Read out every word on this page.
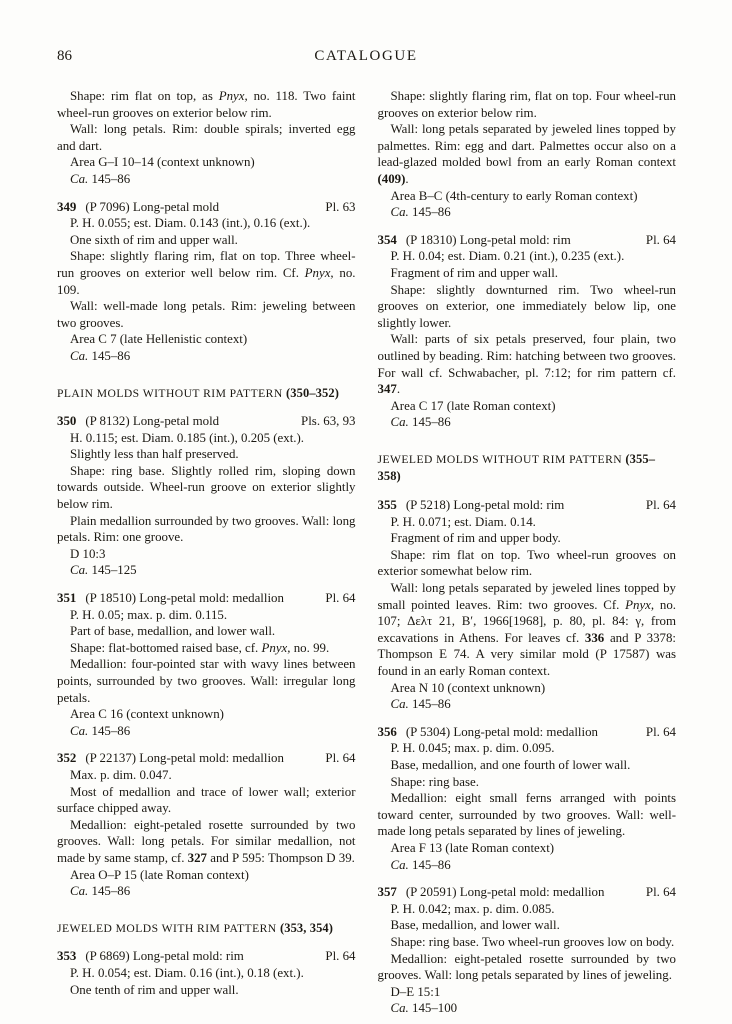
86	CATALOGUE

Shape: rim flat on top, as Pnyx, no. 118. Two faint wheel-run grooves on exterior below rim.

Wall: long petals. Rim: double spirals; inverted egg and dart.

Area G–I 10–14 (context unknown)

Ca. 145–86

349 (P 7096) Long-petal mold	Pl. 63

P. H. 0.055; est. Diam. 0.143 (int.), 0.16 (ext.).

One sixth of rim and upper wall.

Shape: slightly flaring rim, flat on top. Three wheel-run grooves on exterior well below rim. Cf. Pnyx, no. 109.

Wall: well-made long petals. Rim: jeweling between two grooves.

Area C 7 (late Hellenistic context)

Ca. 145–86

PLAIN MOLDS WITHOUT RIM PATTERN (350–352)
350 (P 8132) Long-petal mold	Pls. 63, 93

H. 0.115; est. Diam. 0.185 (int.), 0.205 (ext.).

Slightly less than half preserved.

Shape: ring base. Slightly rolled rim, sloping down towards outside. Wheel-run groove on exterior slightly below rim.

Plain medallion surrounded by two grooves. Wall: long petals. Rim: one groove.

D 10:3

Ca. 145–125

351 (P 18510) Long-petal mold: medallion	Pl. 64

P. H. 0.05; max. p. dim. 0.115.

Part of base, medallion, and lower wall.

Shape: flat-bottomed raised base, cf. Pnyx, no. 99.

Medallion: four-pointed star with wavy lines between points, surrounded by two grooves. Wall: irregular long petals.

Area C 16 (context unknown)

Ca. 145–86

352 (P 22137) Long-petal mold: medallion	Pl. 64

Max. p. dim. 0.047.

Most of medallion and trace of lower wall; exterior surface chipped away.

Medallion: eight-petaled rosette surrounded by two grooves. Wall: long petals. For similar medallion, not made by same stamp, cf. 327 and P 595: Thompson D 39.

Area O–P 15 (late Roman context)

Ca. 145–86

JEWELED MOLDS WITH RIM PATTERN (353, 354)
353 (P 6869) Long-petal mold: rim	Pl. 64

P. H. 0.054; est. Diam. 0.16 (int.), 0.18 (ext.).

One tenth of rim and upper wall.

Shape: slightly flaring rim, flat on top. Four wheel-run grooves on exterior below rim.

Wall: long petals separated by jeweled lines topped by palmettes. Rim: egg and dart. Palmettes occur also on a lead-glazed molded bowl from an early Roman context (409).

Area B–C (4th-century to early Roman context)

Ca. 145–86

354 (P 18310) Long-petal mold: rim	Pl. 64

P. H. 0.04; est. Diam. 0.21 (int.), 0.235 (ext.).

Fragment of rim and upper wall.

Shape: slightly downturned rim. Two wheel-run grooves on exterior, one immediately below lip, one slightly lower.

Wall: parts of six petals preserved, four plain, two outlined by beading. Rim: hatching between two grooves. For wall cf. Schwabacher, pl. 7:12; for rim pattern cf. 347.

Area C 17 (late Roman context)

Ca. 145–86

JEWELED MOLDS WITHOUT RIM PATTERN (355–358)
355 (P 5218) Long-petal mold: rim	Pl. 64

P. H. 0.071; est. Diam. 0.14.

Fragment of rim and upper body.

Shape: rim flat on top. Two wheel-run grooves on exterior somewhat below rim.

Wall: long petals separated by jeweled lines topped by small pointed leaves. Rim: two grooves. Cf. Pnyx, no. 107; Δελτ 21, Β′, 1966[1968], p. 80, pl. 84: γ, from excavations in Athens. For leaves cf. 336 and P 3378: Thompson E 74. A very similar mold (P 17587) was found in an early Roman context.

Area N 10 (context unknown)

Ca. 145–86

356 (P 5304) Long-petal mold: medallion	Pl. 64

P. H. 0.045; max. p. dim. 0.095.

Base, medallion, and one fourth of lower wall.

Shape: ring base.

Medallion: eight small ferns arranged with points toward center, surrounded by two grooves. Wall: well-made long petals separated by lines of jeweling.

Area F 13 (late Roman context)

Ca. 145–86

357 (P 20591) Long-petal mold: medallion	Pl. 64

P. H. 0.042; max. p. dim. 0.085.

Base, medallion, and lower wall.

Shape: ring base. Two wheel-run grooves low on body.

Medallion: eight-petaled rosette surrounded by two grooves. Wall: long petals separated by lines of jeweling.

D–E 15:1

Ca. 145–100
